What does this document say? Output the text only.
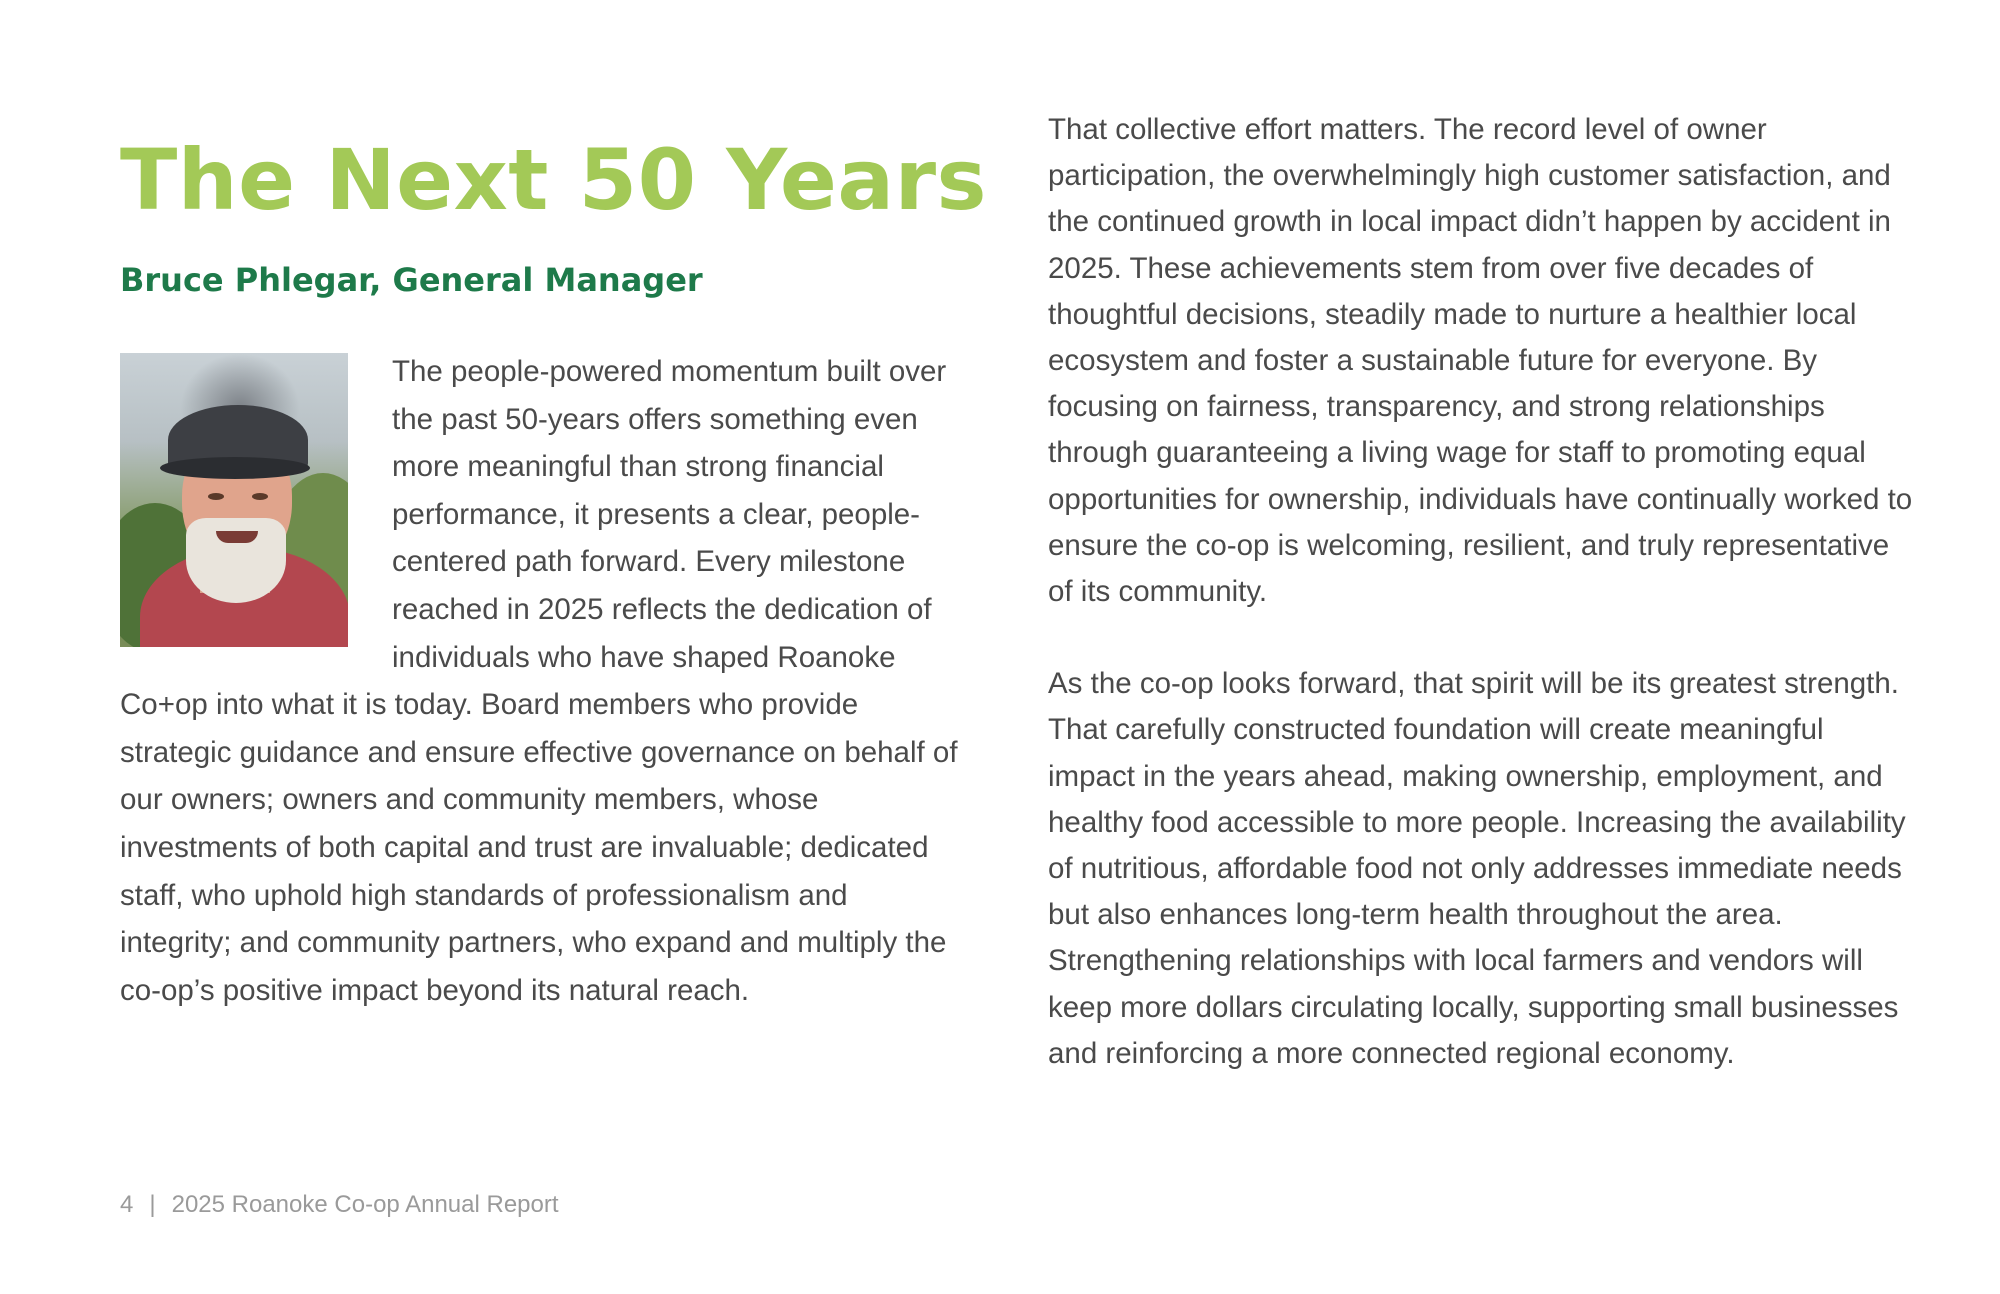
The Next 50 Years
Bruce Phlegar, General Manager

The people-powered momentum built over the past 50-years offers something even more meaningful than strong financial performance, it presents a clear, people-centered path forward. Every milestone reached in 2025 reflects the dedication of individuals who have shaped Roanoke Co+op into what it is today. Board members who provide strategic guidance and ensure effective governance on behalf of our owners; owners and community members, whose investments of both capital and trust are invaluable; dedicated staff, who uphold high standards of professionalism and integrity; and community partners, who expand and multiply the co-op’s positive impact beyond its natural reach.

That collective effort matters. The record level of owner participation, the overwhelmingly high customer satisfaction, and the continued growth in local impact didn’t happen by accident in 2025. These achievements stem from over five decades of thoughtful decisions, steadily made to nurture a healthier local ecosystem and foster a sustainable future for everyone. By focusing on fairness, transparency, and strong relationships through guaranteeing a living wage for staff to promoting equal opportunities for ownership, individuals have continually worked to ensure the co-op is welcoming, resilient, and truly representative of its community.

As the co-op looks forward, that spirit will be its greatest strength. That carefully constructed foundation will create meaningful impact in the years ahead, making ownership, employment, and healthy food accessible to more people. Increasing the availability of nutritious, affordable food not only addresses immediate needs but also enhances long-term health throughout the area. Strengthening relationships with local farmers and vendors will keep more dollars circulating locally, supporting small businesses and reinforcing a more connected regional economy.

4 | 2025 Roanoke Co-op Annual Report
